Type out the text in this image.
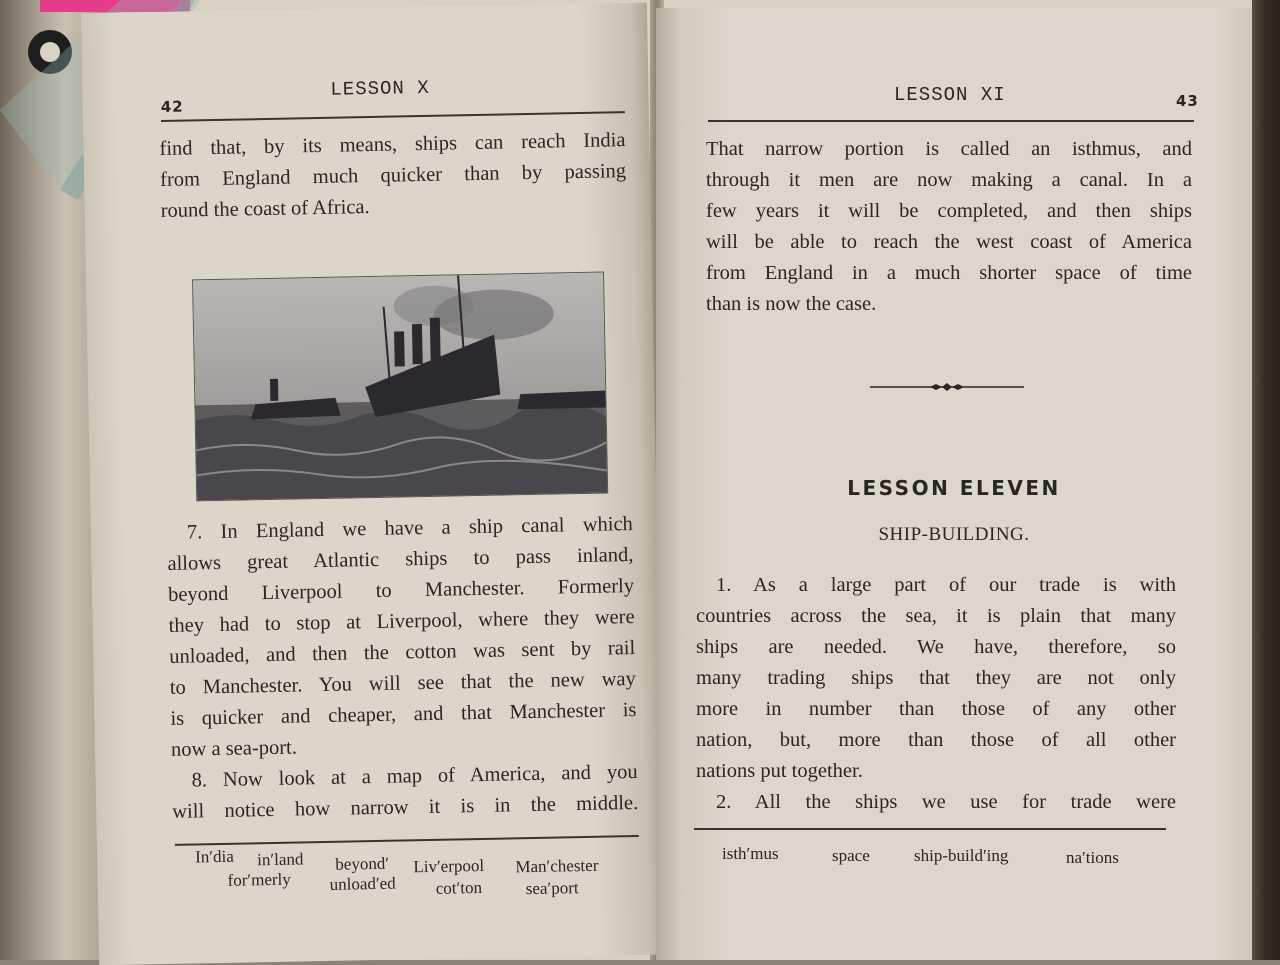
42
LESSON X

find that, by its means, ships can reach India

from England much quicker than by passing

round the coast of Africa.

7. In England we have a ship canal which

allows great Atlantic ships to pass inland,

beyond Liverpool to Manchester. Formerly

they had to stop at Liverpool, where they were

unloaded, and then the cotton was sent by rail

to Manchester. You will see that the new way

is quicker and cheaper, and that Manchester is

now a sea-port.

8. Now look at a map of America, and you

will notice how narrow it is in the middle.

In′dia in′land beyond′ Liv′erpool Man′chester
for′merly unload′ed cot′ton	sea′port
LESSON XI	43

That narrow portion is called an isthmus, and

through it men are now making a canal. In a

few years it will be completed, and then ships

will be able to reach the west coast of America

from England in a much shorter space of time

than is now the case.

LESSON ELEVEN
SHIP-BUILDING.

1. As a large part of our trade is with

countries across the sea, it is plain that many

ships are needed. We have, therefore, so

many trading ships that they are not only

more in number than those of any other

nation, but, more than those of all other

nations put together.

2. All the ships we use for trade were

isth′mus	space	ship-build′ing	na′tions
